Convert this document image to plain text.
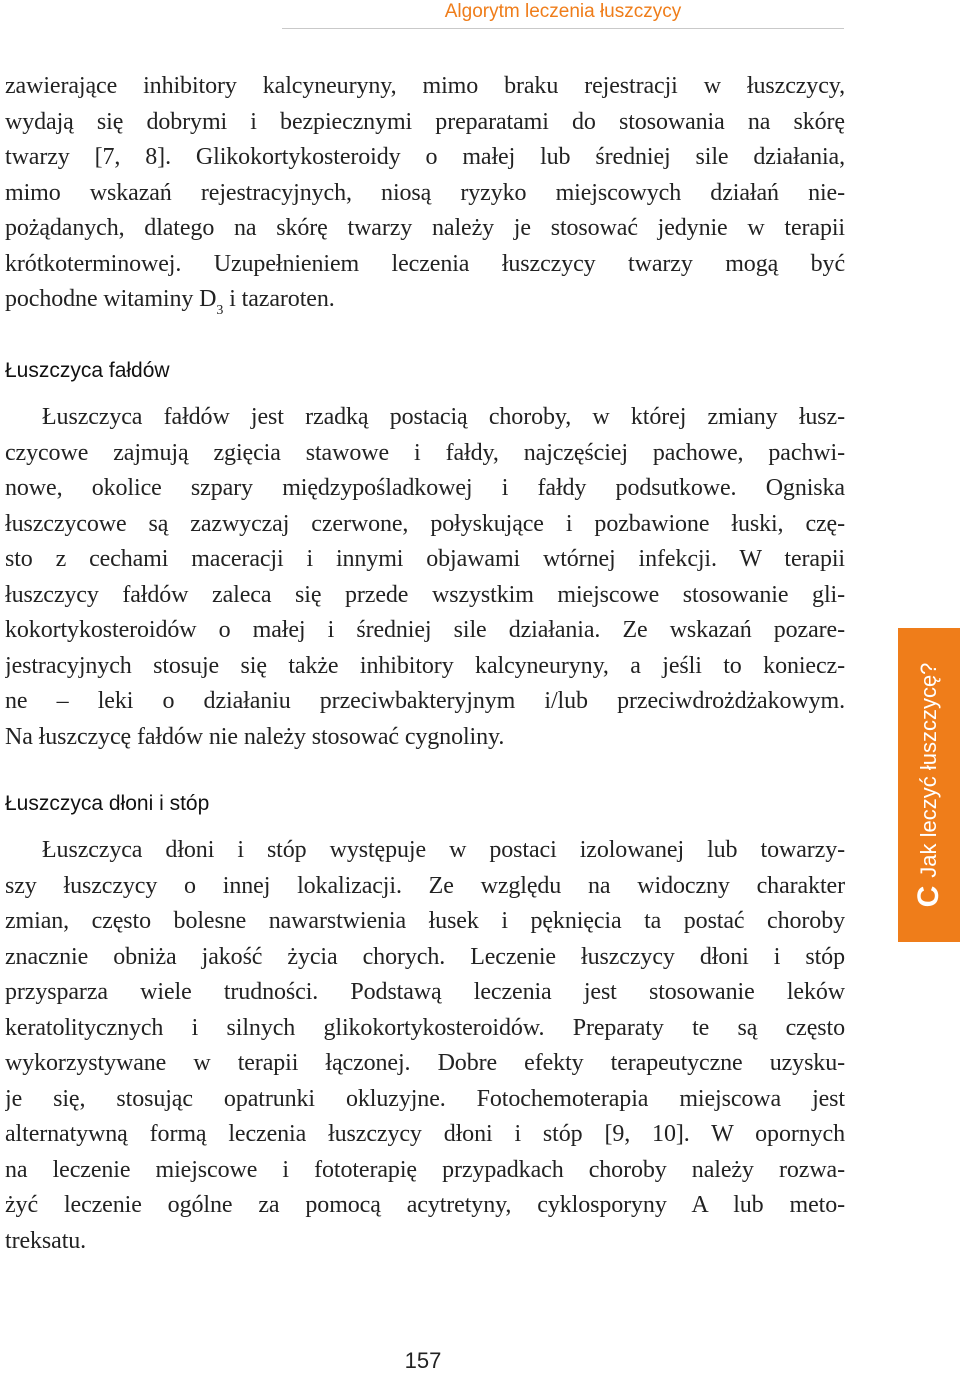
Algorytm leczenia łuszczycy

zawierające inhibitory kalcyneuryny, mimo braku rejestracji w łuszczycy,
wydają się dobrymi i bezpiecznymi preparatami do stosowania na skórę
twarzy [7, 8]. Glikokortykosteroidy o małej lub średniej sile działania,
mimo wskazań rejestracyjnych, niosą ryzyko miejscowych działań nie-
pożądanych, dlatego na skórę twarzy należy je stosować jedynie w terapii
krótkoterminowej. Uzupełnieniem leczenia łuszczycy twarzy mogą być
pochodne witaminy $D_3$ i tazaroten.

Łuszczyca fałdów

Łuszczyca fałdów jest rzadką postacią choroby, w której zmiany łusz-
czycowe zajmują zgięcia stawowe i fałdy, najczęściej pachowe, pachwi-
nowe, okolice szpary międzypośladkowej i fałdy podsutkowe. Ogniska
łuszczycowe są zazwyczaj czerwone, połyskujące i pozbawione łuski, czę-
sto z cechami maceracji i innymi objawami wtórnej infekcji. W terapii
łuszczycy fałdów zaleca się przede wszystkim miejscowe stosowanie gli-
kokortykosteroidów o małej i średniej sile działania. Ze wskazań pozare-
jestracyjnych stosuje się także inhibitory kalcyneuryny, a jeśli to koniecz-
ne – leki o działaniu przeciwbakteryjnym i/lub przeciwdrożdżakowym.
Na łuszczycę fałdów nie należy stosować cygnoliny.

Łuszczyca dłoni i stóp

Łuszczyca dłoni i stóp występuje w postaci izolowanej lub towarzy-
szy łuszczycy o innej lokalizacji. Ze względu na widoczny charakter
zmian, często bolesne nawarstwienia łusek i pęknięcia ta postać choroby
znacznie obniża jakość życia chorych. Leczenie łuszczycy dłoni i stóp
przysparza wiele trudności. Podstawą leczenia jest stosowanie leków
keratolitycznych i silnych glikokortykosteroidów. Preparaty te są często
wykorzystywane w terapii łączonej. Dobre efekty terapeutyczne uzysku-
je się, stosując opatrunki okluzyjne. Fotochemoterapia miejscowa jest
alternatywną formą leczenia łuszczycy dłoni i stóp [9, 10]. W opornych
na leczenie miejscowe i fototerapię przypadkach choroby należy rozwa-
żyć leczenie ogólne za pomocą acytretyny, cyklosporyny A lub meto-
treksatu.

CJak leczyć łuszczycę?
157
